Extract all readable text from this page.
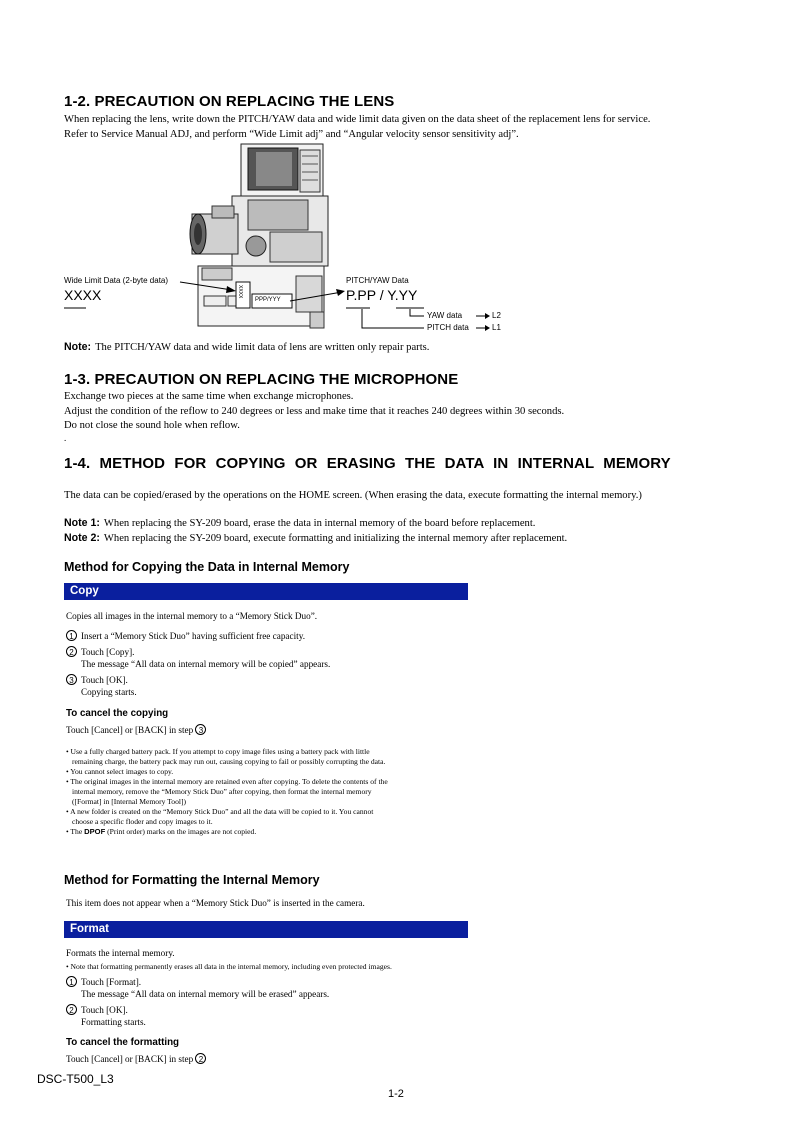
1-2. PRECAUTION ON REPLACING THE LENS
When replacing the lens, write down the PITCH/YAW data and wide limit data given on the data sheet of the replacement lens for service.
Refer to Service Manual ADJ, and perform “Wide Limit adj” and “Angular velocity sensor sensitivity adj”.
Wide Limit Data (2-byte data)
XXXX
PITCH/YAW Data
P.PP / Y.YY
YAW data	L2
PITCH data	L1
XXXX
PPP/YYY
Note: The PITCH/YAW data and wide limit data of lens are written only repair parts.
1-3. PRECAUTION ON REPLACING THE MICROPHONE
Exchange two pieces at the same time when exchange microphones.
Adjust the condition of the reflow to 240 degrees or less and make time that it reaches 240 degrees within 30 seconds.
Do not close the sound hole when reflow.
.
1-4. METHOD FOR COPYING OR ERASING THE DATA IN INTERNAL MEMORY
The data can be copied/erased by the operations on the HOME screen. (When erasing the data, execute formatting the internal memory.)
Note 1: When replacing the SY-209 board, erase the data in internal memory of the board before replacement.
Note 2: When replacing the SY-209 board, execute formatting and initializing the internal memory after replacement.
Method for Copying the Data in Internal Memory
Copy
Copies all images in the internal memory to a “Memory Stick Duo”.
1 Insert a “Memory Stick Duo” having sufficient free capacity.
2 Touch [Copy].
The message “All data on internal memory will be copied” appears.
3 Touch [OK].
Copying starts.
To cancel the copying
Touch [Cancel] or [BACK] in step 3
• Use a fully charged battery pack. If you attempt to copy image files using a battery pack with little
remaining charge, the battery pack may run out, causing copying to fail or possibly corrupting the data.
• You cannot select images to copy.
• The original images in the internal memory are retained even after copying. To delete the contents of the
internal memory, remove the “Memory Stick Duo” after copying, then format the internal memory
([Format] in [Internal Memory Tool])
• A new folder is created on the “Memory Stick Duo” and all the data will be copied to it. You cannot
choose a specific floder and copy images to it.
• The DPOF (Print order) marks on the images are not copied.
Method for Formatting the Internal Memory
This item does not appear when a “Memory Stick Duo” is inserted in the camera.
Format
Formats the internal memory.
• Note that formatting permanently erases all data in the internal memory, including even protected images.
1 Touch [Format].
The message “All data on internal memory will be erased” appears.
2 Touch [OK].
Formatting starts.
To cancel the formatting
Touch [Cancel] or [BACK] in step 2
DSC-T500_L3
1-2
